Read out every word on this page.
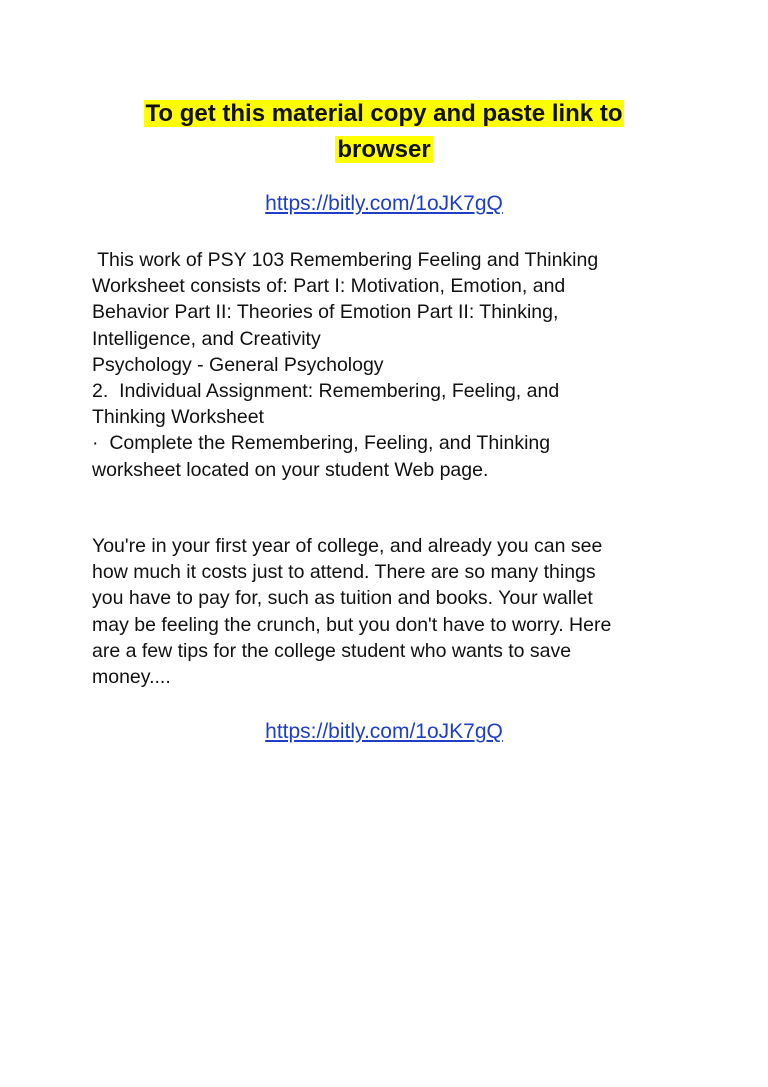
To get this material copy and paste link to
browser
https://bitly.com/1oJK7gQ
This work of PSY 103 Remembering Feeling and Thinking
Worksheet consists of: Part I: Motivation, Emotion, and
Behavior Part II: Theories of Emotion Part II: Thinking,
Intelligence, and Creativity
Psychology - General Psychology
2.  Individual Assignment: Remembering, Feeling, and
Thinking Worksheet
·  Complete the Remembering, Feeling, and Thinking
worksheet located on your student Web page.
You're in your first year of college, and already you can see
how much it costs just to attend. There are so many things
you have to pay for, such as tuition and books. Your wallet
may be feeling the crunch, but you don't have to worry. Here
are a few tips for the college student who wants to save
money....
https://bitly.com/1oJK7gQ
